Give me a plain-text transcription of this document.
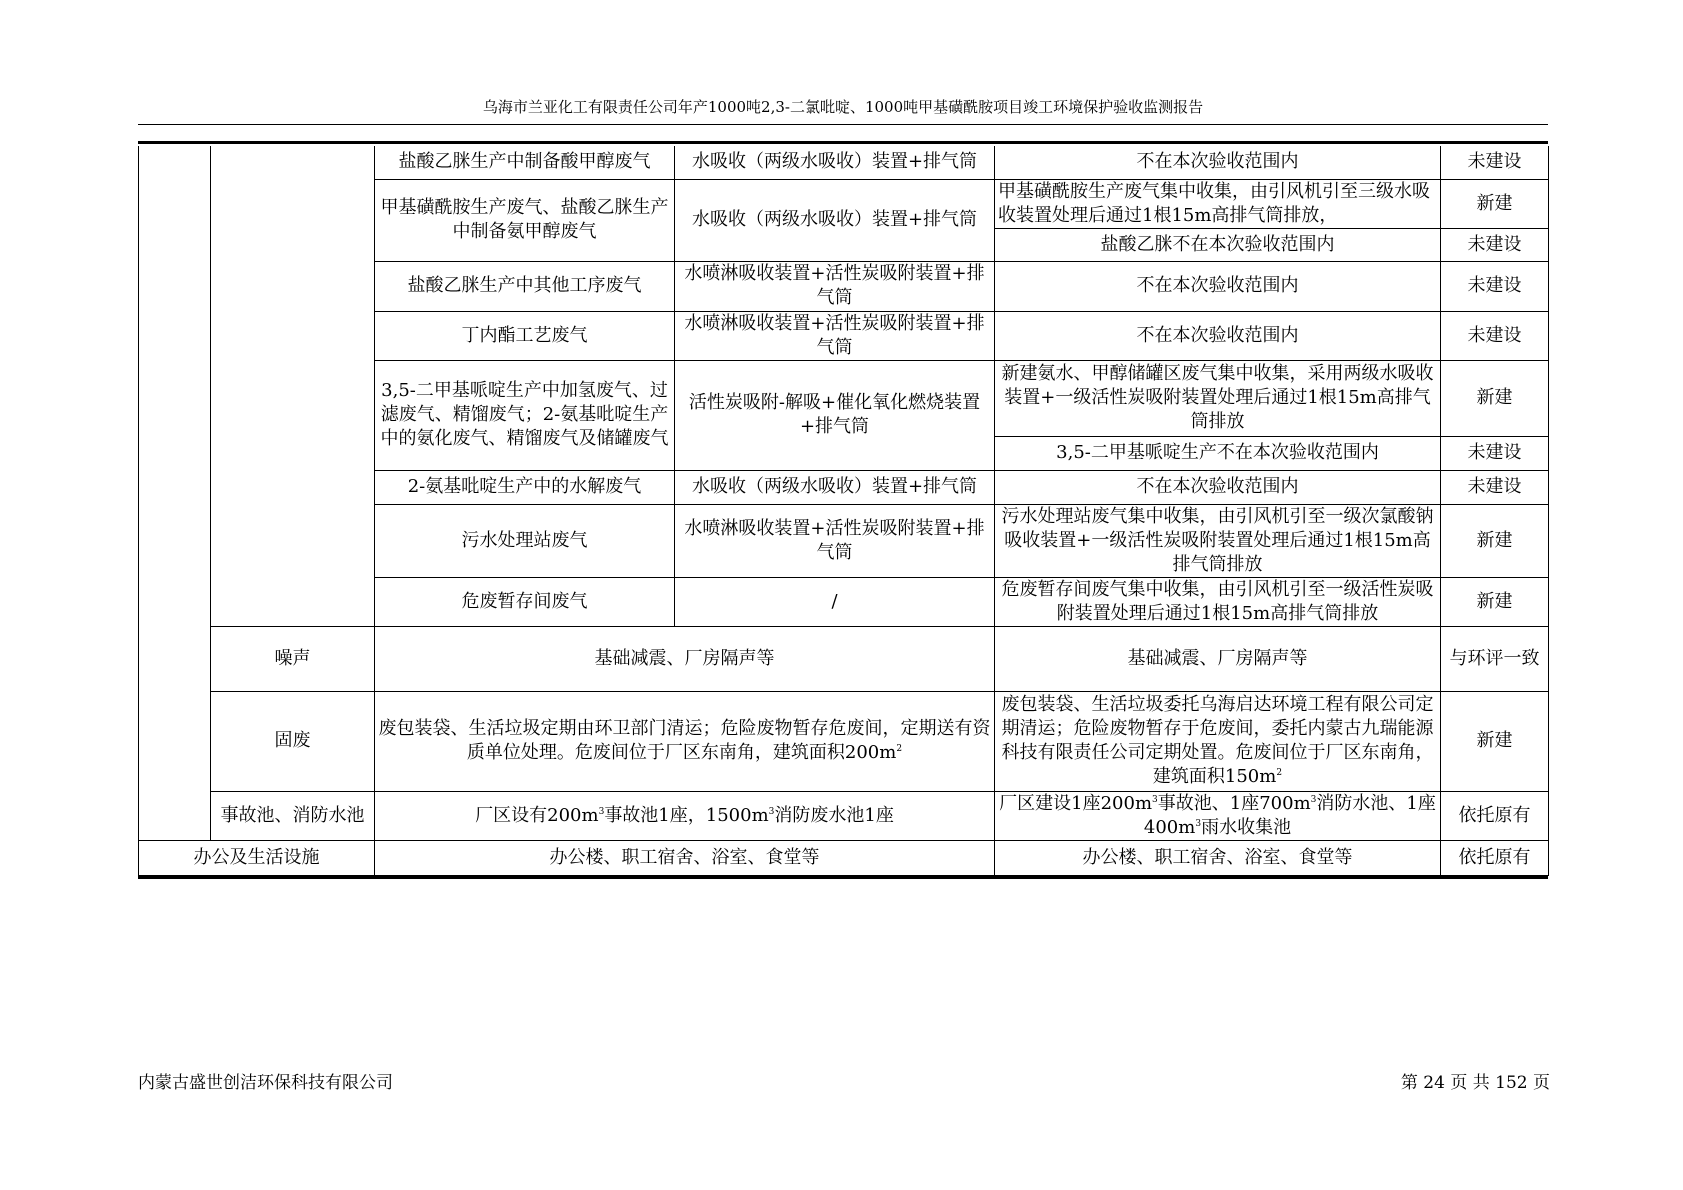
乌海市兰亚化工有限责任公司年产1000吨2,3-二氯吡啶、1000吨甲基磺酰胺项目竣工环境保护验收监测报告
		盐酸乙脒生产中制备酸甲醇废气	水吸收（两级水吸收）装置+排气筒	不在本次验收范围内	未建设
		甲基磺酰胺生产废气、盐酸乙脒生产中制备氨甲醇废气	水吸收（两级水吸收）装置+排气筒	甲基磺酰胺生产废气集中收集，由引风机引至三级水吸收装置处理后通过1根15m高排气筒排放，	新建
				盐酸乙脒不在本次验收范围内	未建设
		盐酸乙脒生产中其他工序废气	水喷淋吸收装置+活性炭吸附装置+排气筒	不在本次验收范围内	未建设
		丁内酯工艺废气	水喷淋吸收装置+活性炭吸附装置+排气筒	不在本次验收范围内	未建设
		3,5-二甲基哌啶生产中加氢废气、过滤废气、精馏废气；2-氨基吡啶生产中的氨化废气、精馏废气及储罐废气	活性炭吸附-解吸+催化氧化燃烧装置+排气筒	新建氨水、甲醇储罐区废气集中收集，采用两级水吸收装置+一级活性炭吸附装置处理后通过1根15m高排气筒排放	新建
				3,5-二甲基哌啶生产不在本次验收范围内	未建设
		2-氨基吡啶生产中的水解废气	水吸收（两级水吸收）装置+排气筒	不在本次验收范围内	未建设
		污水处理站废气	水喷淋吸收装置+活性炭吸附装置+排气筒	污水处理站废气集中收集，由引风机引至一级次氯酸钠吸收装置+一级活性炭吸附装置处理后通过1根15m高排气筒排放	新建
		危废暂存间废气	/	危废暂存间废气集中收集，由引风机引至一级活性炭吸附装置处理后通过1根15m高排气筒排放	新建
	噪声	基础减震、厂房隔声等		基础减震、厂房隔声等	与环评一致
	固废	废包装袋、生活垃圾定期由环卫部门清运；危险废物暂存危废间，定期送有资质单位处理。危废间位于厂区东南角，建筑面积$200m^2$		废包装袋、生活垃圾委托乌海启达环境工程有限公司定期清运；危险废物暂存于危废间，委托内蒙古九瑞能源科技有限责任公司定期处置。危废间位于厂区东南角，建筑面积$150m^2$	新建
	事故池、消防水池	厂区设有$200m^3$事故池1座，$1500m^3$消防废水池1座		厂区建设1座$200m^3$事故池、1座$700m^3$消防水池、1座$400m^3$雨水收集池	依托原有
办公及生活设施		办公楼、职工宿舍、浴室、食堂等		办公楼、职工宿舍、浴室、食堂等	依托原有
内蒙古盛世创洁环保科技有限公司	第 24 页 共 152 页
